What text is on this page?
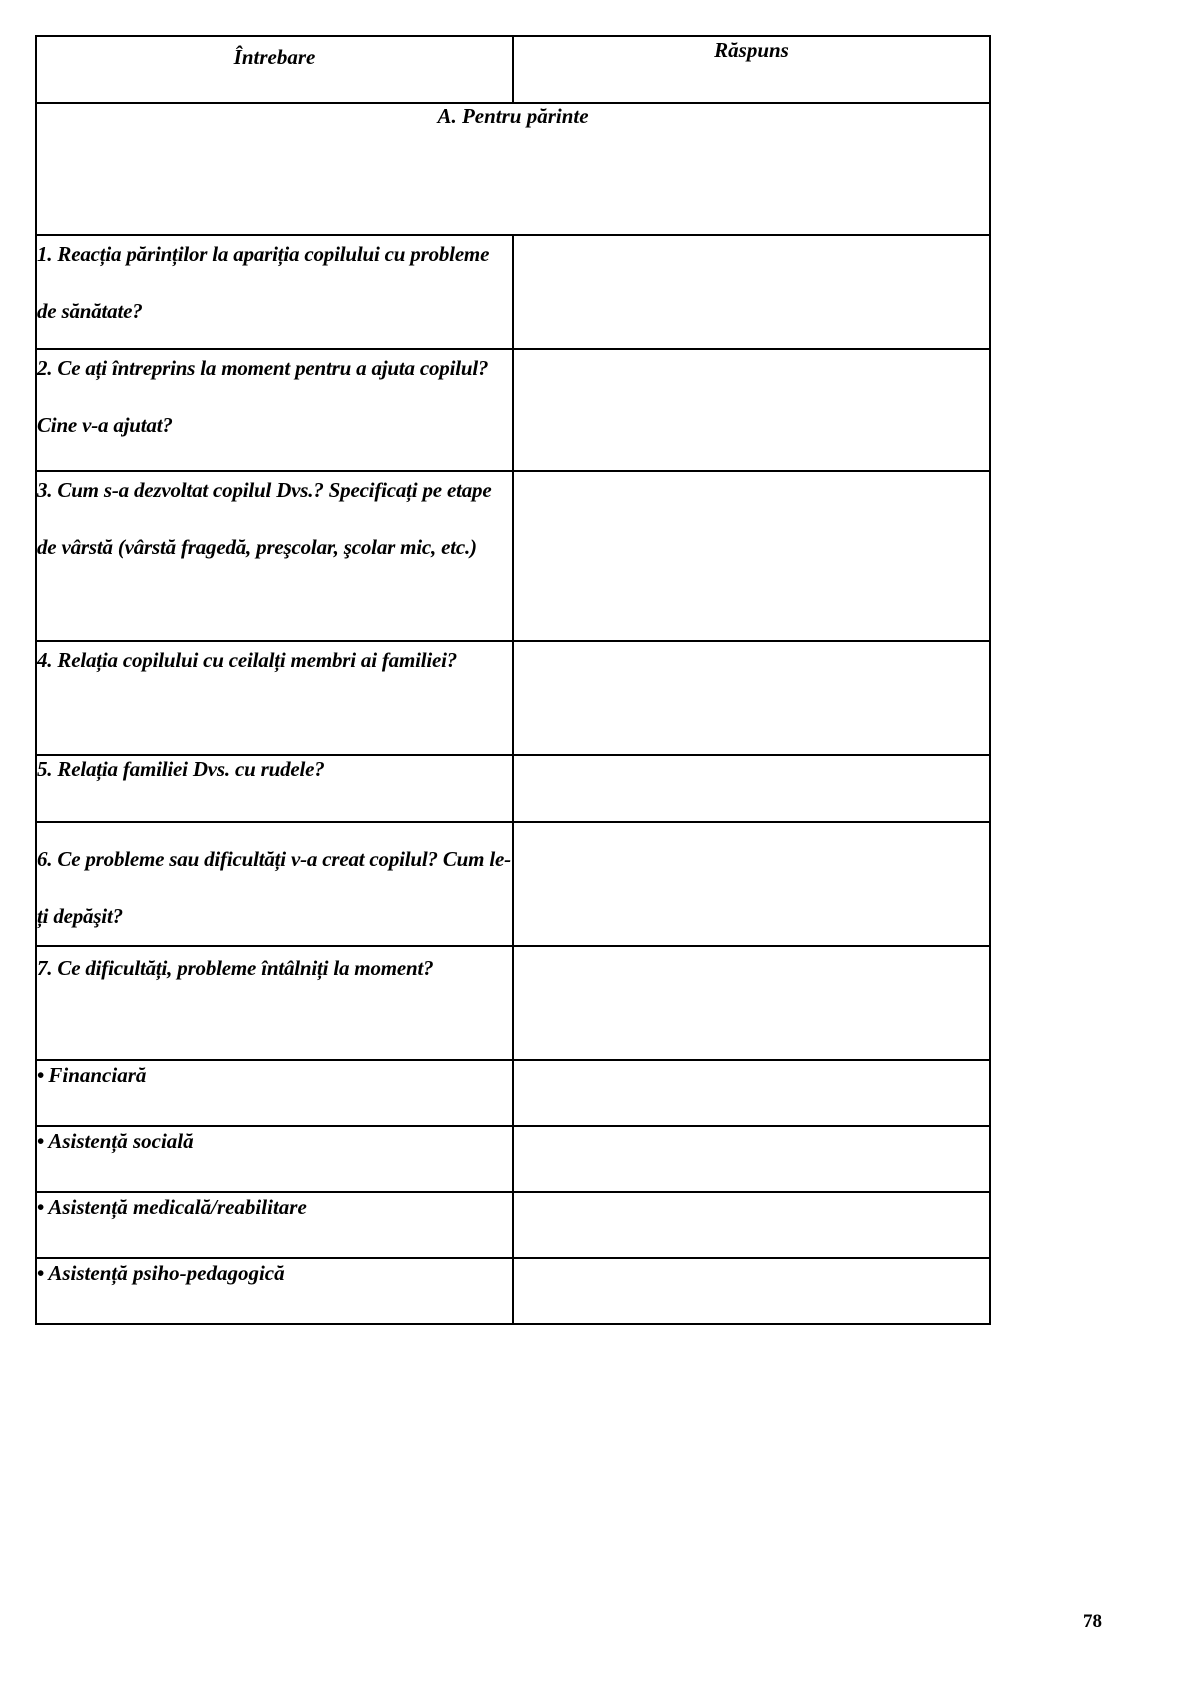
Întrebare	Răspuns

A. Pentru părinte	

1. Reacția părinților la apariția copilului cu probleme de sănătate?	

2. Ce ați întreprins la moment pentru a ajuta copilul? Cine v-a ajutat?	

3. Cum s-a dezvoltat copilul Dvs.? Specificați pe etape de vârstă (vârstă fragedă, preşcolar, şcolar mic, etc.)	

4. Relația copilului cu ceilalți membri ai familiei?	

5. Relația familiei Dvs. cu rudele?	

6. Ce probleme sau dificultăți v-a creat copilul? Cum le-ți depăşit?	

7. Ce dificultăți, probleme întâlniți la moment?	

• Financiară	
• Asistență socială	
• Asistență medicală/reabilitare	
• Asistență psiho-pedagogică	
78
